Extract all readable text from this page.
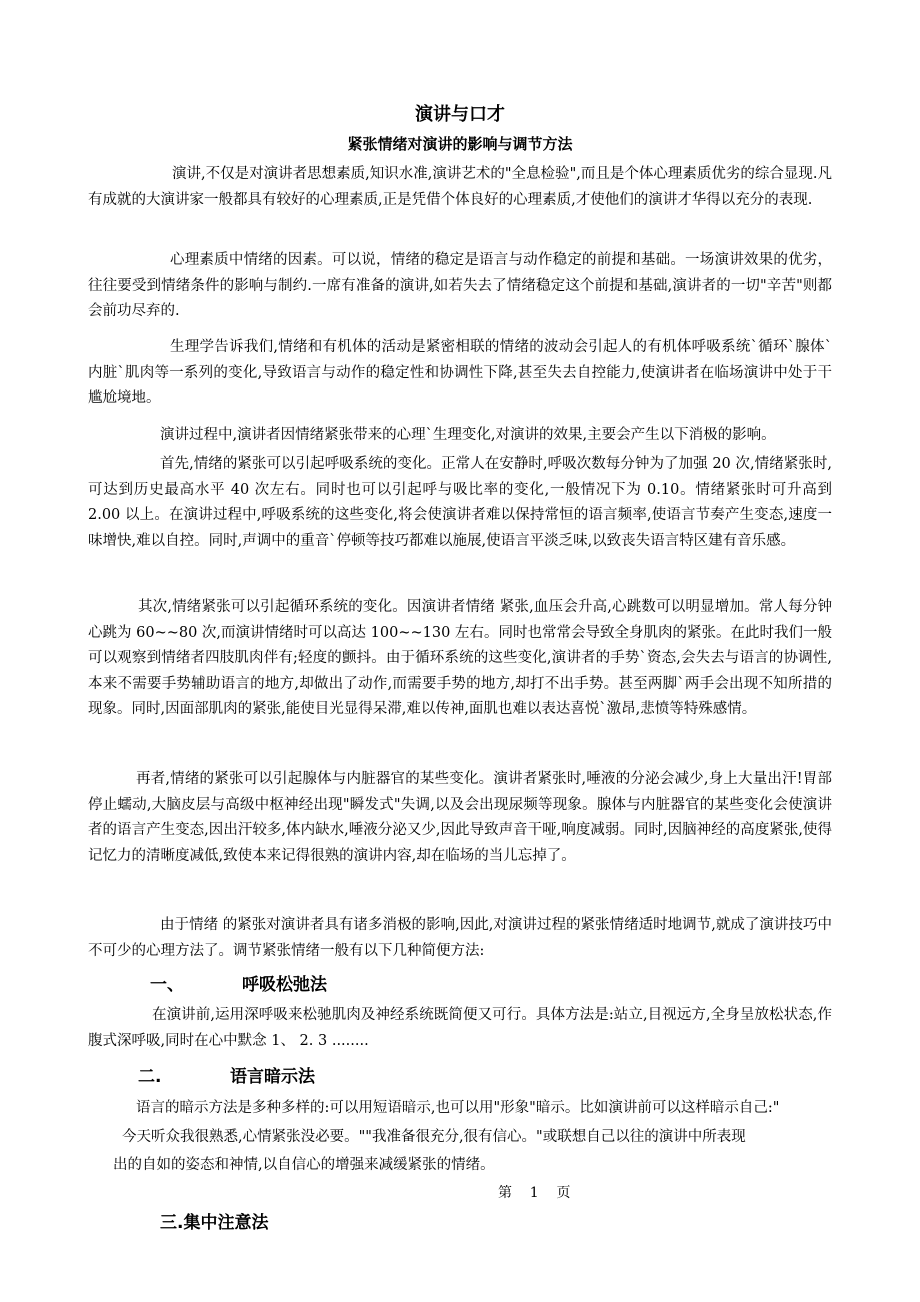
演讲与口才
紧张情绪对演讲的影响与调节方法

演讲,不仅是对演讲者思想素质,知识水准,演讲艺术的"全息检验",而且是个体心理素质优劣的综合显现.凡有成就的大演讲家一般都具有较好的心理素质,正是凭借个体良好的心理素质,才使他们的演讲才华得以充分的表现.

心理素质中情绪的因素。可以说，情绪的稳定是语言与动作稳定的前提和基础。一场演讲效果的优劣，往往要受到情绪条件的影响与制约.一席有准备的演讲,如若失去了情绪稳定这个前提和基础,演讲者的一切"辛苦"则都会前功尽弃的.

生理学告诉我们,情绪和有机体的活动是紧密相联的情绪的波动会引起人的有机体呼吸系统`循环`腺体`内脏`肌肉等一系列的变化,导致语言与动作的稳定性和协调性下降,甚至失去自控能力,使演讲者在临场演讲中处于干尴尬境地。

演讲过程中,演讲者因情绪紧张带来的心理`生理变化,对演讲的效果,主要会产生以下消极的影响。

首先,情绪的紧张可以引起呼吸系统的变化。正常人在安静时,呼吸次数每分钟为了加强 20 次,情绪紧张时,可达到历史最高水平 40 次左右。同时也可以引起呼与吸比率的变化,一般情况下为 0.10。情绪紧张时可升高到 2.00 以上。在演讲过程中,呼吸系统的这些变化,将会使演讲者难以保持常恒的语言频率,使语言节奏产生变态,速度一味增快,难以自控。同时,声调中的重音`停顿等技巧都难以施展,使语言平淡乏味,以致丧失语言特区建有音乐感。

其次,情绪紧张可以引起循环系统的变化。因演讲者情绪 紧张,血压会升高,心跳数可以明显增加。常人每分钟心跳为 60~~80 次,而演讲情绪时可以高达 100~~130 左右。同时也常常会导致全身肌肉的紧张。在此时我们一般可以观察到情绪者四肢肌肉伴有;轻度的颤抖。由于循环系统的这些变化,演讲者的手势`资态,会失去与语言的协调性,本来不需要手势辅助语言的地方,却做出了动作,而需要手势的地方,却打不出手势。甚至两脚`两手会出现不知所措的现象。同时,因面部肌肉的紧张,能使目光显得呆滞,难以传神,面肌也难以表达喜悦`激昂,悲愤等特殊感情。

再者,情绪的紧张可以引起腺体与内脏器官的某些变化。演讲者紧张时,唾液的分泌会减少,身上大量出汗!胃部停止蠕动,大脑皮层与高级中枢神经出现"瞬发式"失调,以及会出现尿频等现象。腺体与内脏器官的某些变化会使演讲者的语言产生变态,因出汗较多,体内缺水,唾液分泌又少,因此导致声音干哑,响度减弱。同时,因脑神经的高度紧张,使得记忆力的清晰度减低,致使本来记得很熟的演讲内容,却在临场的当儿忘掉了。

由于情绪 的紧张对演讲者具有诸多消极的影响,因此,对演讲过程的紧张情绪适时地调节,就成了演讲技巧中不可少的心理方法了。调节紧张情绪一般有以下几种简便方法:

一、	呼吸松弛法

在演讲前,运用深呼吸来松驰肌肉及神经系统既简便又可行。具体方法是:站立,目视远方,全身呈放松状态,作腹式深呼吸,同时在心中默念 1、 2. 3 ........

二.	语言暗示法

语言的暗示方法是多种多样的:可以用短语暗示,也可以用"形象"暗示。比如演讲前可以这样暗示自己:"

今天听众我很熟悉,心情紧张没必要。""我准备很充分,很有信心。"或联想自己以往的演讲中所表现

出的自如的姿态和神情,以自信心的增强来减缓紧张的情绪。

第    1    页
三.集中注意法
